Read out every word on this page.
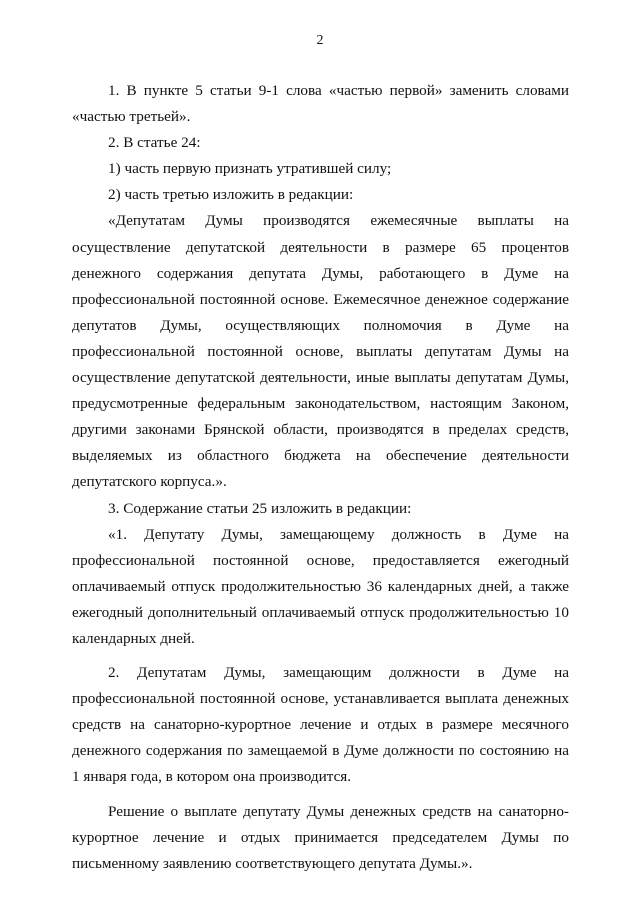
2

1. В пункте 5 статьи 9-1 слова «частью первой» заменить словами «частью третьей».

2. В статье 24:

1) часть первую признать утратившей силу;

2) часть третью изложить в редакции:

«Депутатам Думы производятся ежемесячные выплаты на осуществление депутатской деятельности в размере 65 процентов денежного содержания депутата Думы, работающего в Думе на профессиональной постоянной основе. Ежемесячное денежное содержание депутатов Думы, осуществляющих полномочия в Думе на профессиональной постоянной основе, выплаты депутатам Думы на осуществление депутатской деятельности, иные выплаты депутатам Думы, предусмотренные федеральным законодательством, настоящим Законом, другими законами Брянской области, производятся в пределах средств, выделяемых из областного бюджета на обеспечение деятельности депутатского корпуса.».

3. Содержание статьи 25 изложить в редакции:

«1. Депутату Думы, замещающему должность в Думе на профессиональной постоянной основе, предоставляется ежегодный оплачиваемый отпуск продолжительностью 36 календарных дней, а также ежегодный дополнительный оплачиваемый отпуск продолжительностью 10 календарных дней.

2. Депутатам Думы, замещающим должности в Думе на профессиональной постоянной основе, устанавливается выплата денежных средств на санаторно-курортное лечение и отдых в размере месячного денежного содержания по замещаемой в Думе должности по состоянию на 1 января года, в котором она производится.

Решение о выплате депутату Думы денежных средств на санаторно-курортное лечение и отдых принимается председателем Думы по письменному заявлению соответствующего депутата Думы.».
